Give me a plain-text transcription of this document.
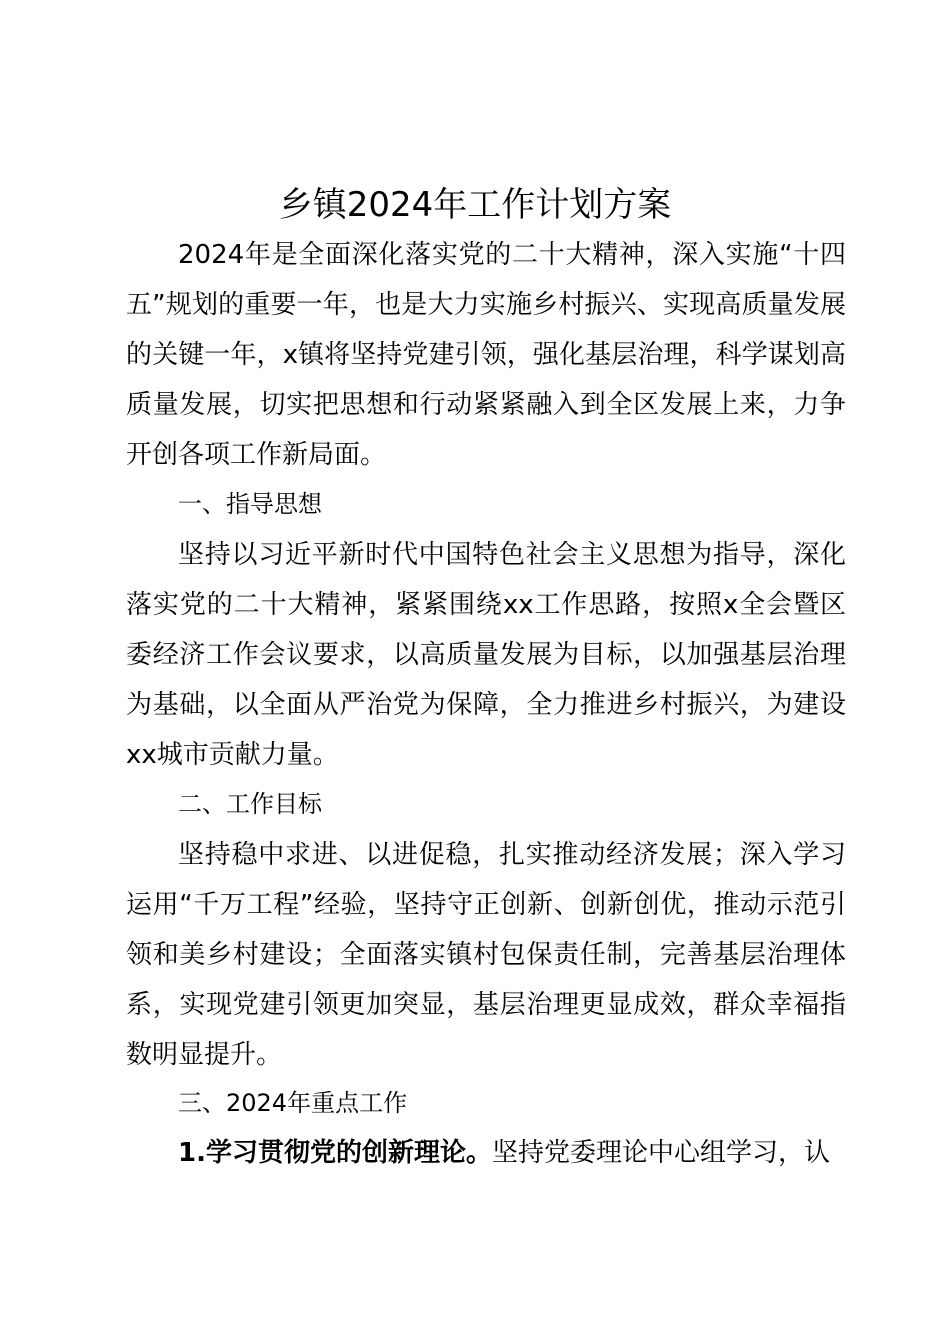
乡镇2024年工作计划方案

2024年是全面深化落实党的二十大精神，深入实施“十四五”规划的重要一年，也是大力实施乡村振兴、实现高质量发展的关键一年，x镇将坚持党建引领，强化基层治理，科学谋划高质量发展，切实把思想和行动紧紧融入到全区发展上来，力争开创各项工作新局面。

一、指导思想

坚持以习近平新时代中国特色社会主义思想为指导，深化落实党的二十大精神，紧紧围绕xx工作思路，按照x全会暨区委经济工作会议要求，以高质量发展为目标，以加强基层治理为基础，以全面从严治党为保障，全力推进乡村振兴，为建设xx城市贡献力量。

二、工作目标

坚持稳中求进、以进促稳，扎实推动经济发展；深入学习运用“千万工程”经验，坚持守正创新、创新创优，推动示范引领和美乡村建设；全面落实镇村包保责任制，完善基层治理体系，实现党建引领更加突显，基层治理更显成效，群众幸福指数明显提升。

三、2024年重点工作

1.学习贯彻党的创新理论。坚持党委理论中心组学习，认
